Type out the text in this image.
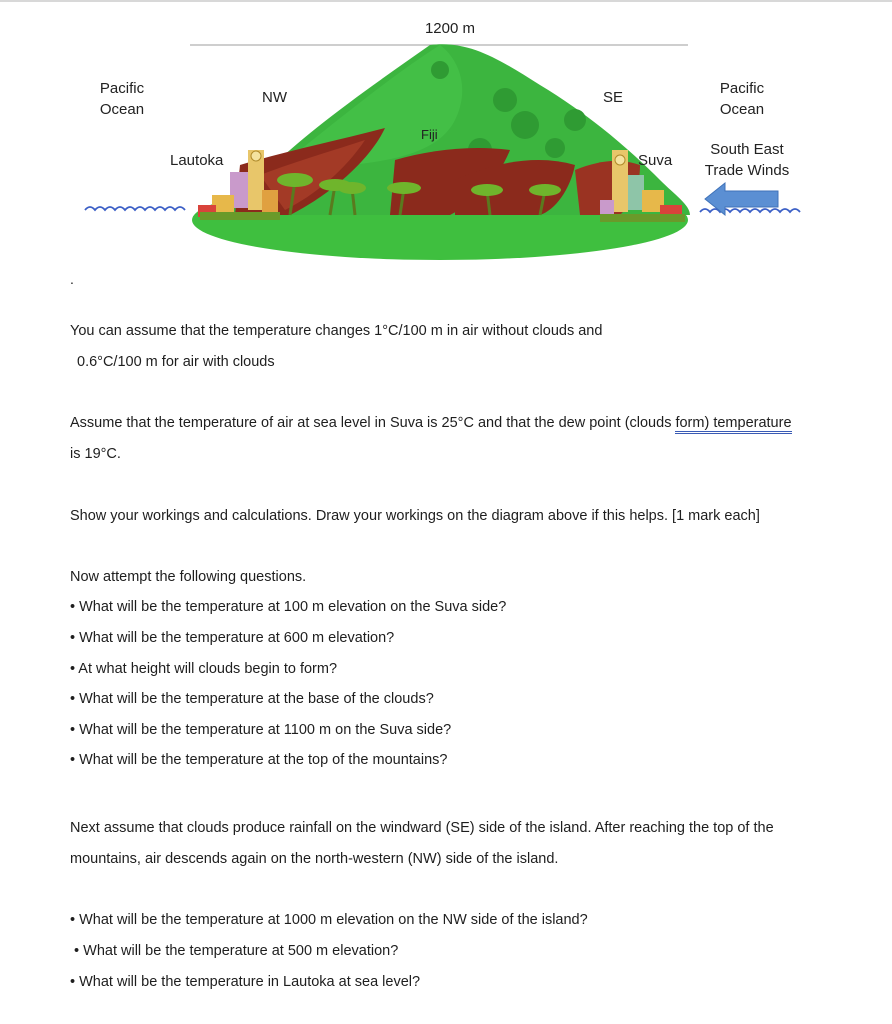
1200 m
Pacific
Ocean
Pacific
Ocean
NW	SE
Fiji
Lautoka	Suva
South East
Trade Winds
.
You can assume that the temperature changes 1°C/100 m in air without clouds and
0.6°C/100 m for air with clouds
Assume that the temperature of air at sea level in Suva is 25°C and that the dew point (clouds form) temperature
is 19°C.
Show your workings and calculations. Draw your workings on the diagram above if this helps. [1 mark each]
Now attempt the following questions.
• What will be the temperature at 100 m elevation on the Suva side?
• What will be the temperature at 600 m elevation?
• At what height will clouds begin to form?
• What will be the temperature at the base of the clouds?
• What will be the temperature at 1100 m on the Suva side?
• What will be the temperature at the top of the mountains?
Next assume that clouds produce rainfall on the windward (SE) side of the island. After reaching the top of the
mountains, air descends again on the north-western (NW) side of the island.
• What will be the temperature at 1000 m elevation on the NW side of the island?
• What will be the temperature at 500 m elevation?
• What will be the temperature in Lautoka at sea level?
